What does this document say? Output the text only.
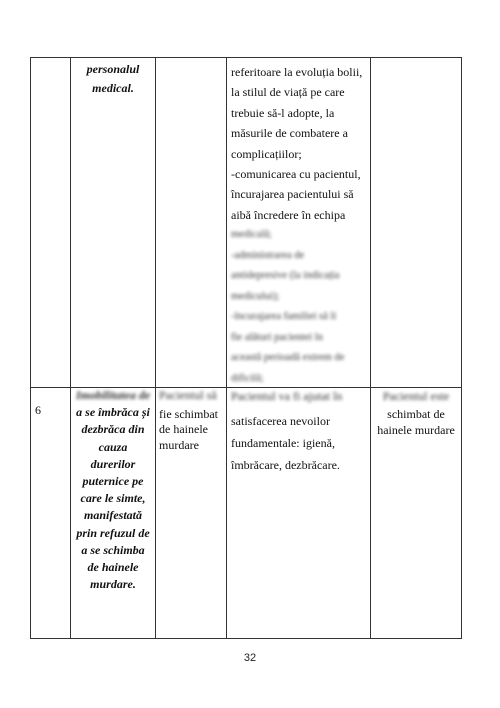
personalul
medical.
referitoare la evoluția bolii,
la stilul de viață pe care
trebuie să-l adopte, la
măsurile de combatere a
complicațiilor;
-comunicarea cu pacientul,
încurajarea pacientului să
aibă încredere în echipa
medicală;
-administrarea de
antidepresive (la indicația
medicului);
-încurajarea familiei să îi
fie alături pacientei în
această perioadă extrem de
dificilă;
6
Imobilitatea de
a se îmbrăca și
dezbrăca din
cauza
durerilor
puternice pe
care le simte,
manifestată
prin refuzul de
a se schimba
de hainele
murdare.
Pacientul să
fie schimbat
de hainele
murdare
Pacientul va fi ajutat în
satisfacerea nevoilor
fundamentale: igienă,
îmbrăcare, dezbrăcare.
Pacientul este
schimbat de
hainele murdare
32
